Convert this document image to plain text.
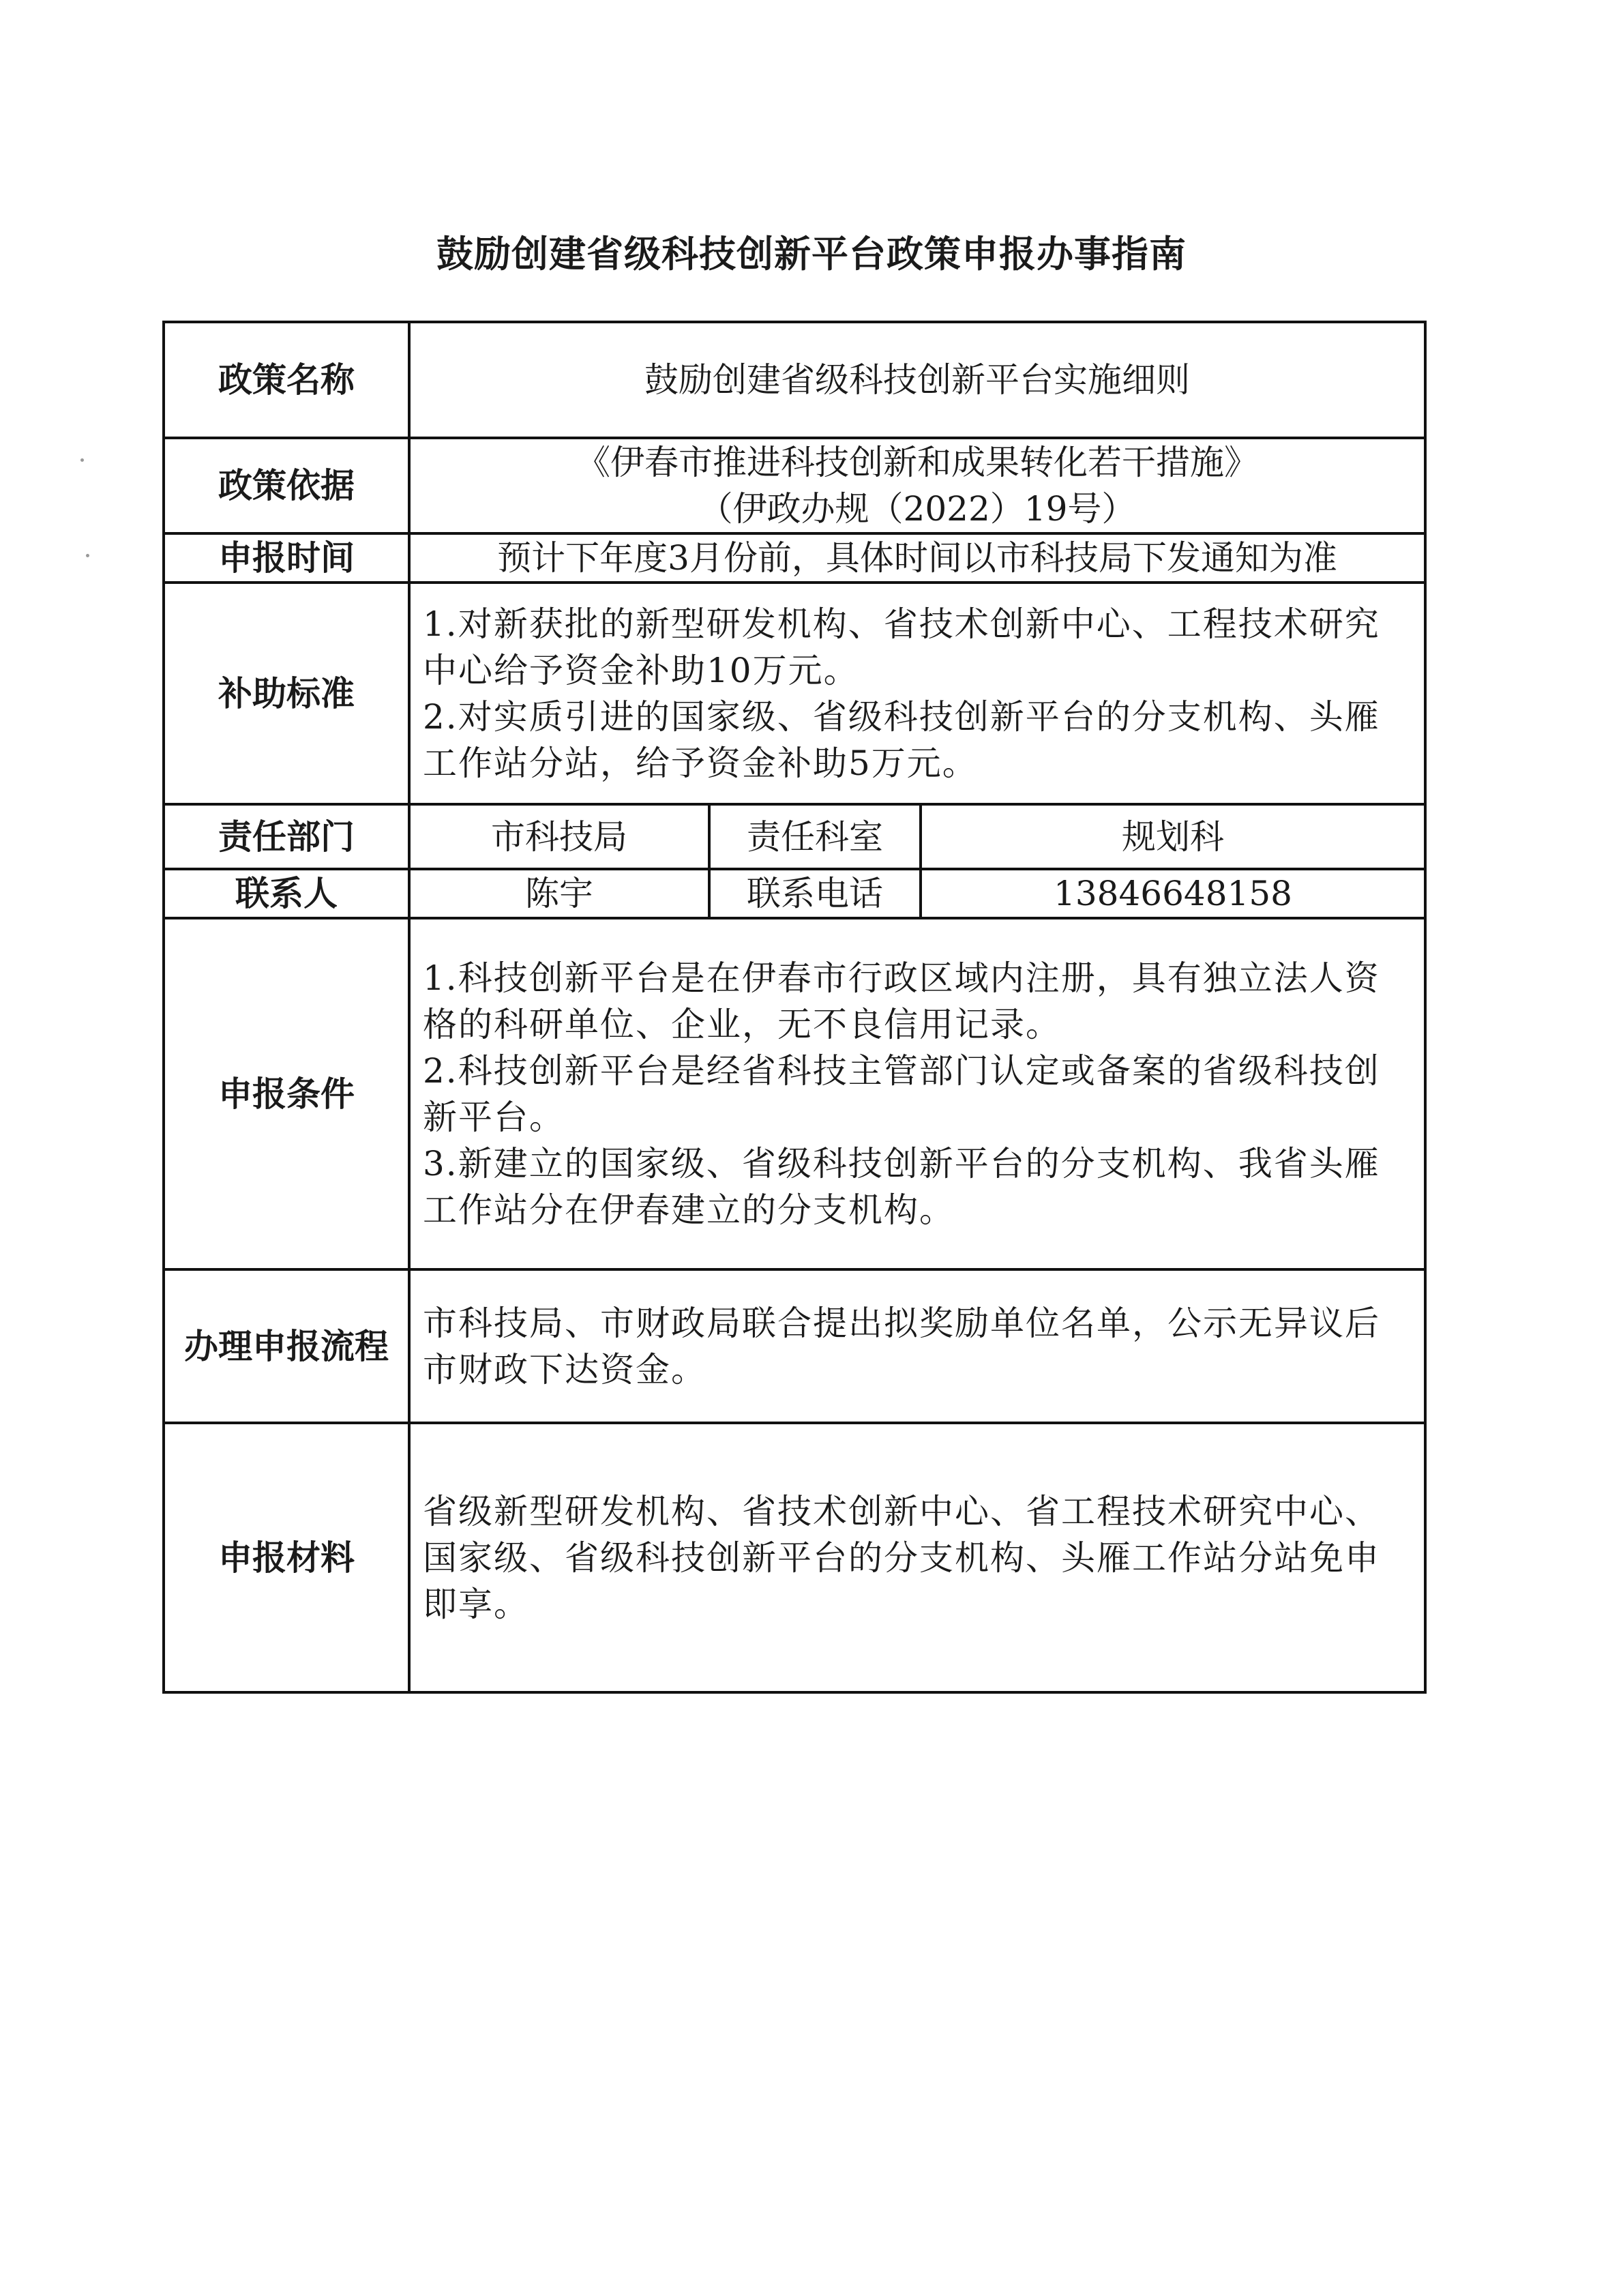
鼓励创建省级科技创新平台政策申报办事指南
政策名称	鼓励创建省级科技创新平台实施细则		
政策依据	《伊春市推进科技创新和成果转化若干措施》
（伊政办规（2022）19号）		

申报时间	预计下年度3月份前，具体时间以市科技局下发通知为准		
补助标准	1.对新获批的新型研发机构、省技术创新中心、工程技术研究中心给予资金补助10万元。
2.对实质引进的国家级、省级科技创新平台的分支机构、头雁工作站分站，给予资金补助5万元。		

责任部门	市科技局	责任科室	规划科
联系人	陈宇	联系电话	13846648158
申报条件	1.科技创新平台是在伊春市行政区域内注册，具有独立法人资格的科研单位、企业，无不良信用记录。
2.科技创新平台是经省科技主管部门认定或备案的省级科技创新平台。
3.新建立的国家级、省级科技创新平台的分支机构、我省头雁工作站分在伊春建立的分支机构。		

办理申报流程	市科技局、市财政局联合提出拟奖励单位名单，公示无异议后市财政下达资金。		
申报材料	省级新型研发机构、省技术创新中心、省工程技术研究中心、国家级、省级科技创新平台的分支机构、头雁工作站分站免申即享。		
